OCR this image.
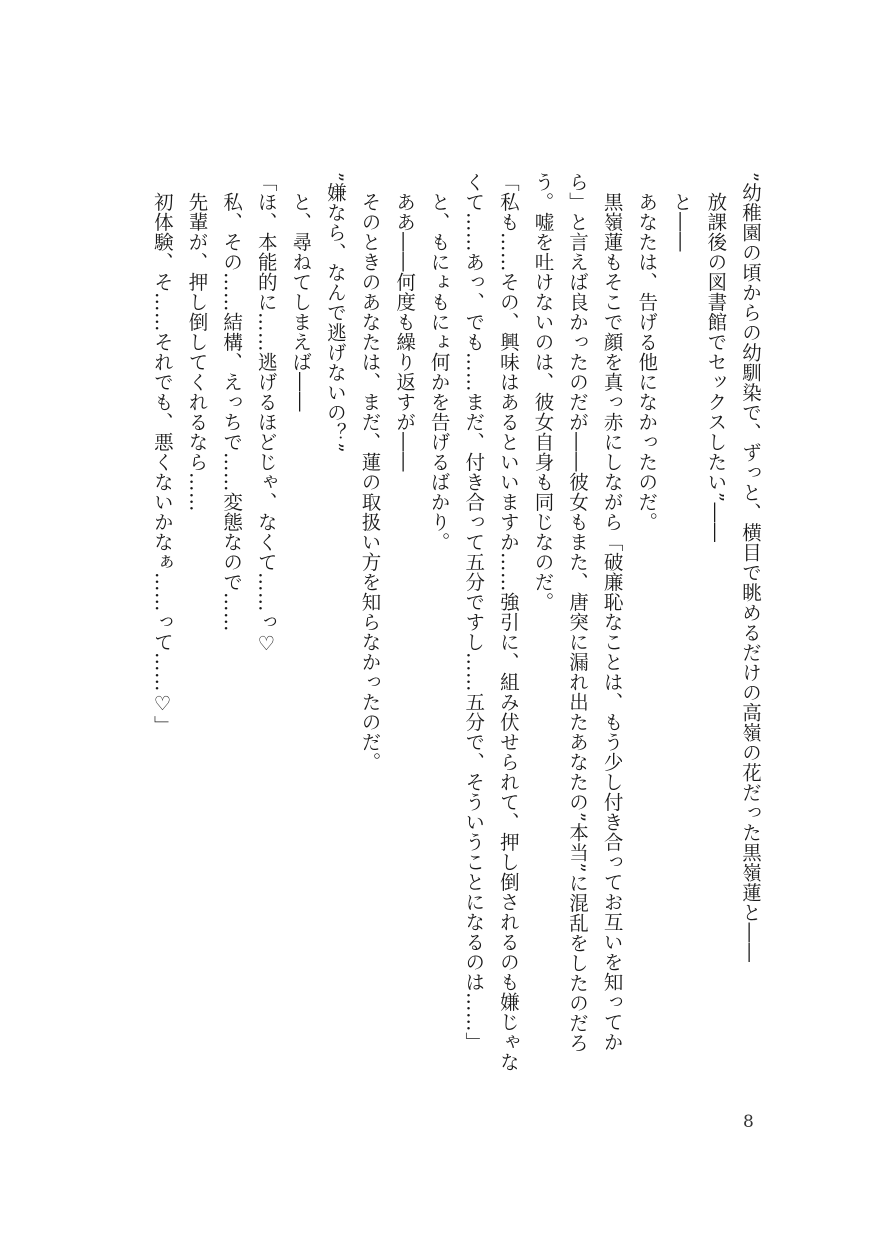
”幼稚園の頃からの幼馴染で、ずっと、横目で眺めるだけの高嶺の花だった黒嶺蓮と――
　放課後の図書館でセックスしたい”――
　と――
　あなたは、告げる他になかったのだ。
　黒嶺蓮もそこで顔を真っ赤にしながら「破廉恥なことは、もう少し付き合ってお互いを知ってか
ら」と言えば良かったのだが――彼女もまた、唐突に漏れ出たあなたの”本当”に混乱をしたのだろ
う。嘘を吐けないのは、彼女自身も同じなのだ。
「私も……その、興味はあるといいますか……強引に、組み伏せられて、押し倒されるのも嫌じゃな
くて……あっ、でも……まだ、付き合って五分ですし……五分で、そういうことになるのは……」
　と、もにょもにょ何かを告げるばかり。
　ああ――何度も繰り返すが――
　そのときのあなたは、まだ、蓮の取扱い方を知らなかったのだ。
”嫌なら、なんで逃げないの？”
　と、尋ねてしまえば――
「ほ、本能的に……逃げるほどじゃ、なくて……っ♡
　私、その……結構、えっちで……変態なので……
　先輩が、押し倒してくれるなら……
　初体験、そ……それでも、悪くないかなぁ……って……♡」
8
